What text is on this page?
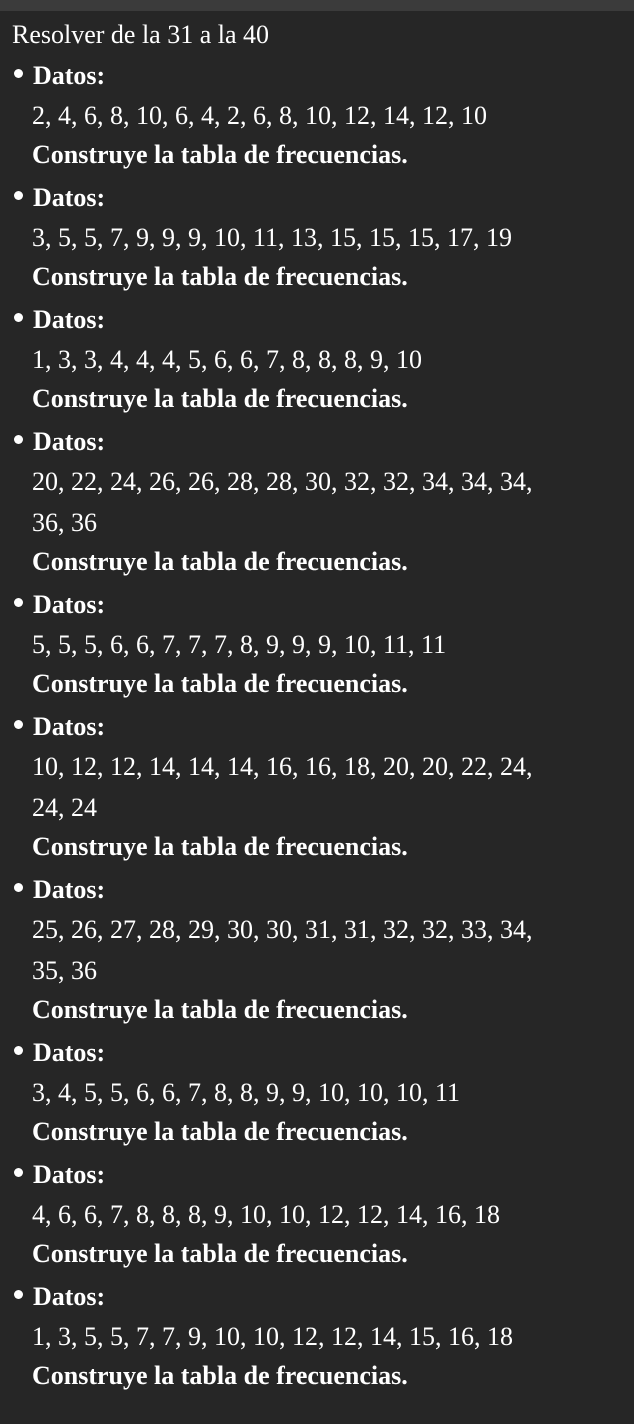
Resolver de la 31 a la 40

Datos:
2, 4, 6, 8, 10, 6, 4, 2, 6, 8, 10, 12, 14, 12, 10
Construye la tabla de frecuencias.
Datos:
3, 5, 5, 7, 9, 9, 9, 10, 11, 13, 15, 15, 15, 17, 19
Construye la tabla de frecuencias.
Datos:
1, 3, 3, 4, 4, 4, 5, 6, 6, 7, 8, 8, 8, 9, 10
Construye la tabla de frecuencias.
Datos:
20, 22, 24, 26, 26, 28, 28, 30, 32, 32, 34, 34, 34, 36, 36
Construye la tabla de frecuencias.
Datos:
5, 5, 5, 6, 6, 7, 7, 7, 8, 9, 9, 9, 10, 11, 11
Construye la tabla de frecuencias.
Datos:
10, 12, 12, 14, 14, 14, 16, 16, 18, 20, 20, 22, 24, 24, 24
Construye la tabla de frecuencias.
Datos:
25, 26, 27, 28, 29, 30, 30, 31, 31, 32, 32, 33, 34, 35, 36
Construye la tabla de frecuencias.
Datos:
3, 4, 5, 5, 6, 6, 7, 8, 8, 9, 9, 10, 10, 10, 11
Construye la tabla de frecuencias.
Datos:
4, 6, 6, 7, 8, 8, 8, 9, 10, 10, 12, 12, 14, 16, 18
Construye la tabla de frecuencias.
Datos:
1, 3, 5, 5, 7, 7, 9, 10, 10, 12, 12, 14, 15, 16, 18
Construye la tabla de frecuencias.
